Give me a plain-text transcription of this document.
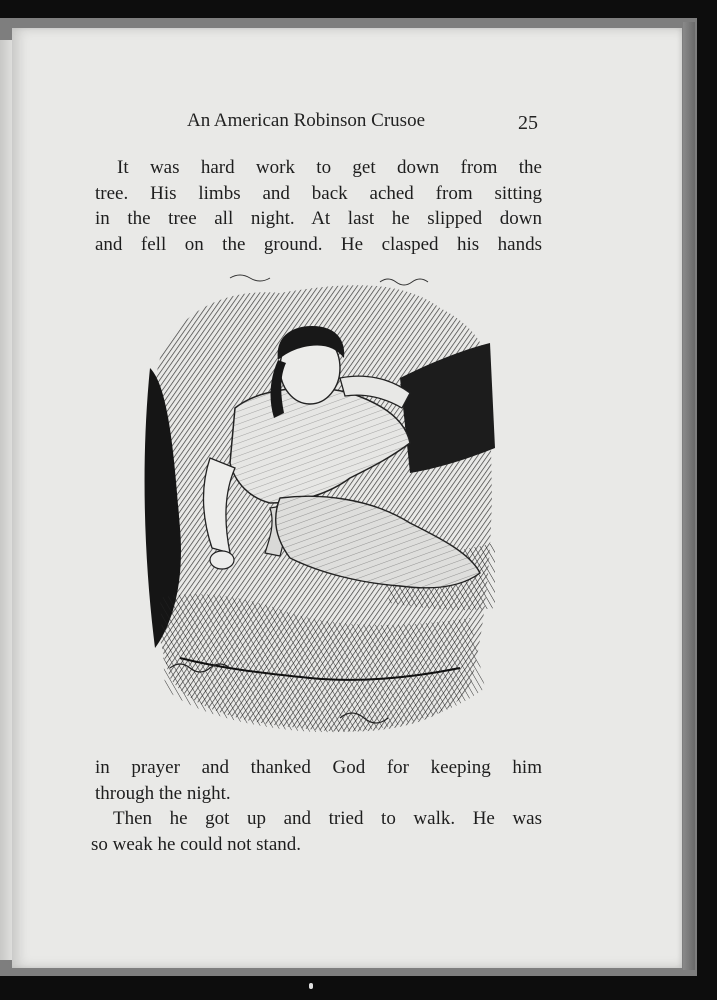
An American Robinson Crusoe	25

It was hard work to get down from the

tree. His limbs and back ached from sitting

in the tree all night. At last he slipped down

and fell on the ground. He clasped his hands

in prayer and thanked God for keeping him

through the night.

Then he got up and tried to walk. He was

so weak he could not stand.
